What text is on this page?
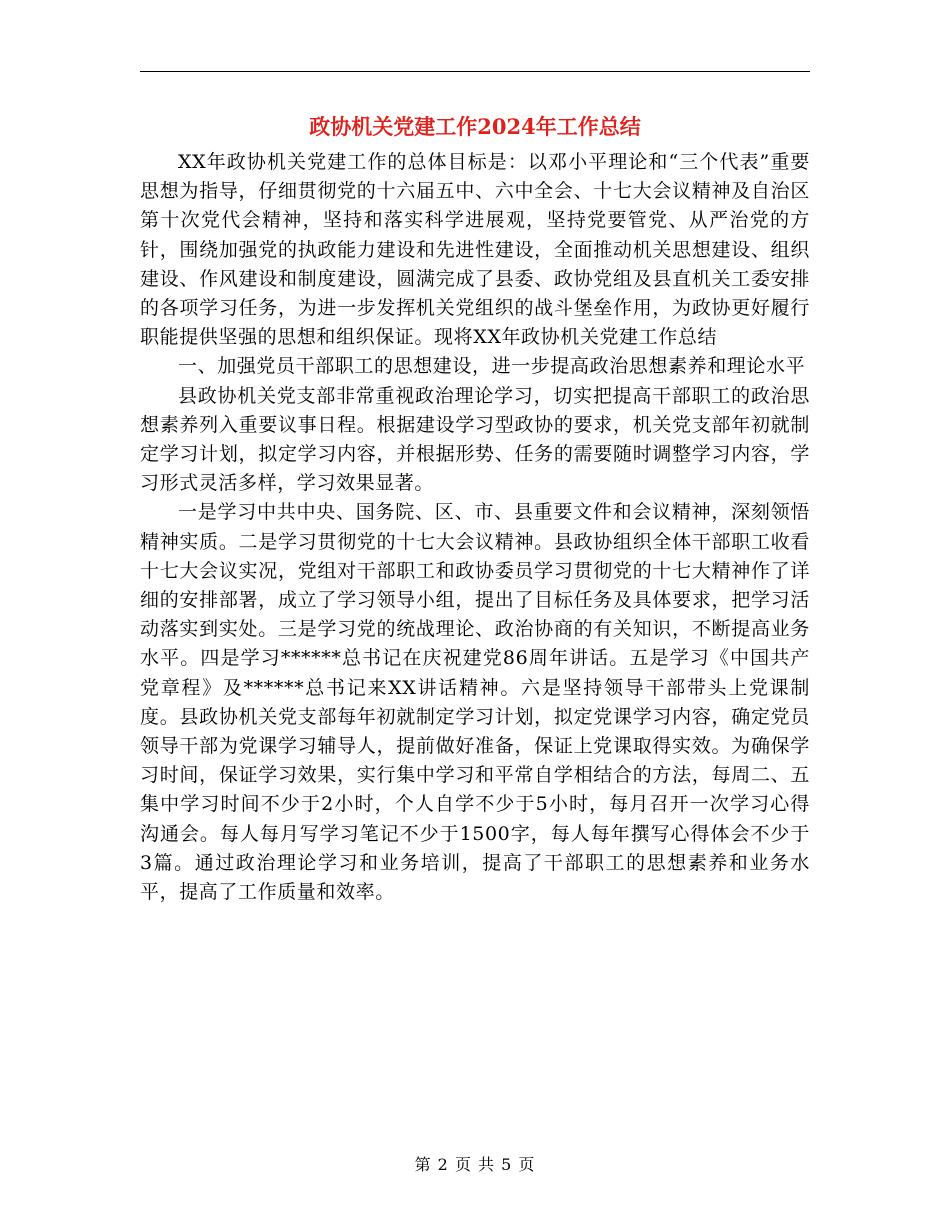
政协机关党建工作2024年工作总结

XX年政协机关党建工作的总体目标是：以邓小平理论和“三个代表”重要思想为指导，仔细贯彻党的十六届五中、六中全会、十七大会议精神及自治区第十次党代会精神，坚持和落实科学进展观，坚持党要管党、从严治党的方针，围绕加强党的执政能力建设和先进性建设，全面推动机关思想建设、组织建设、作风建设和制度建设，圆满完成了县委、政协党组及县直机关工委安排的各项学习任务，为进一步发挥机关党组织的战斗堡垒作用，为政协更好履行职能提供坚强的思想和组织保证。现将XX年政协机关党建工作总结

一、加强党员干部职工的思想建设，进一步提高政治思想素养和理论水平

县政协机关党支部非常重视政治理论学习，切实把提高干部职工的政治思想素养列入重要议事日程。根据建设学习型政协的要求，机关党支部年初就制定学习计划，拟定学习内容，并根据形势、任务的需要随时调整学习内容，学习形式灵活多样，学习效果显著。

一是学习中共中央、国务院、区、市、县重要文件和会议精神，深刻领悟精神实质。二是学习贯彻党的十七大会议精神。县政协组织全体干部职工收看十七大会议实况，党组对干部职工和政协委员学习贯彻党的十七大精神作了详细的安排部署，成立了学习领导小组，提出了目标任务及具体要求，把学习活动落实到实处。三是学习党的统战理论、政治协商的有关知识，不断提高业务水平。四是学习******总书记在庆祝建党86周年讲话。五是学习《中国共产党章程》及******总书记来XX讲话精神。六是坚持领导干部带头上党课制度。县政协机关党支部每年初就制定学习计划，拟定党课学习内容，确定党员领导干部为党课学习辅导人，提前做好准备，保证上党课取得实效。为确保学习时间，保证学习效果，实行集中学习和平常自学相结合的方法，每周二、五集中学习时间不少于2小时，个人自学不少于5小时，每月召开一次学习心得沟通会。每人每月写学习笔记不少于1500字，每人每年撰写心得体会不少于3篇。通过政治理论学习和业务培训，提高了干部职工的思想素养和业务水平，提高了工作质量和效率。

第 2 页 共 5 页
